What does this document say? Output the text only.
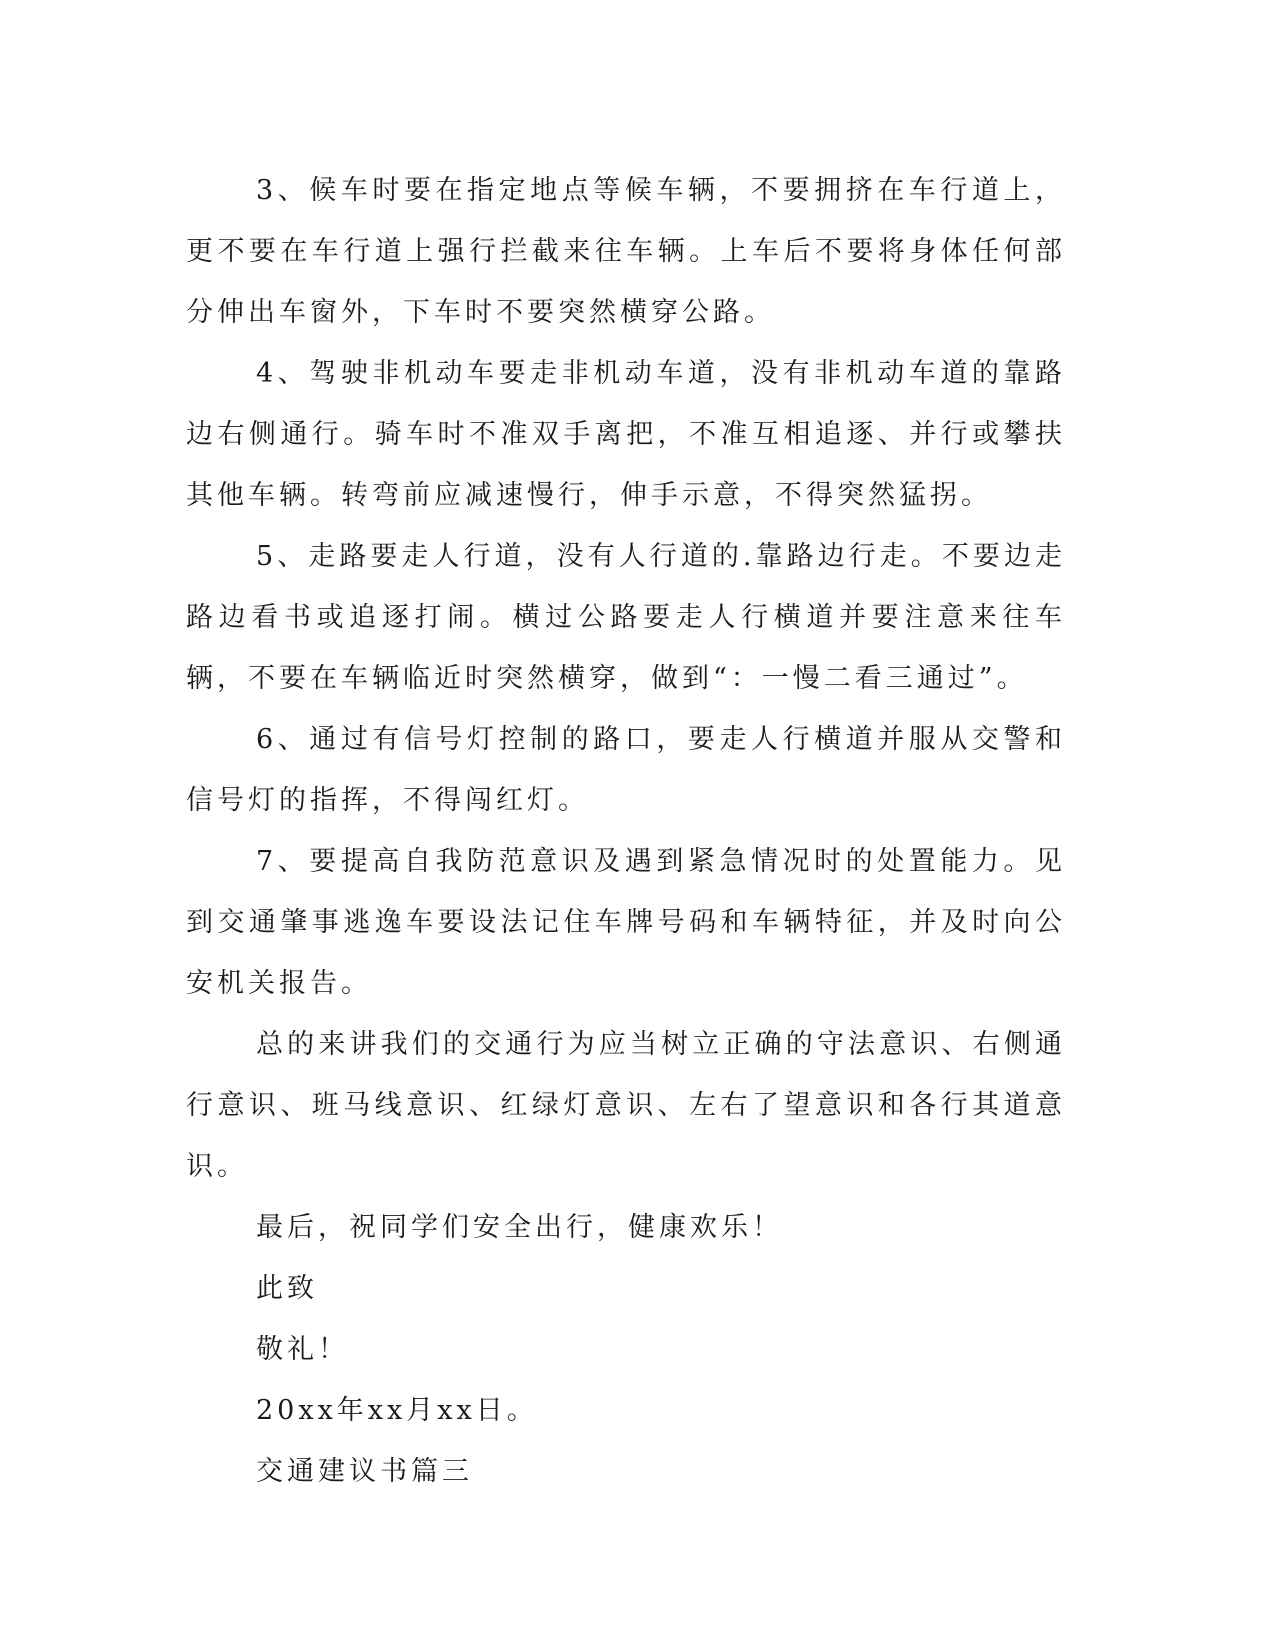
3、候车时要在指定地点等候车辆，不要拥挤在车行道上，更不要在车行道上强行拦截来往车辆。上车后不要将身体任何部分伸出车窗外，下车时不要突然横穿公路。

4、驾驶非机动车要走非机动车道，没有非机动车道的靠路边右侧通行。骑车时不准双手离把，不准互相追逐、并行或攀扶其他车辆。转弯前应减速慢行，伸手示意，不得突然猛拐。

5、走路要走人行道，没有人行道的.靠路边行走。不要边走路边看书或追逐打闹。横过公路要走人行横道并要注意来往车辆，不要在车辆临近时突然横穿，做到“：一慢二看三通过”。

6、通过有信号灯控制的路口，要走人行横道并服从交警和信号灯的指挥，不得闯红灯。

7、要提高自我防范意识及遇到紧急情况时的处置能力。见到交通肇事逃逸车要设法记住车牌号码和车辆特征，并及时向公安机关报告。

总的来讲我们的交通行为应当树立正确的守法意识、右侧通行意识、班马线意识、红绿灯意识、左右了望意识和各行其道意识。

最后，祝同学们安全出行，健康欢乐！

此致

敬礼！

20xx年xx月xx日。

交通建议书篇三
